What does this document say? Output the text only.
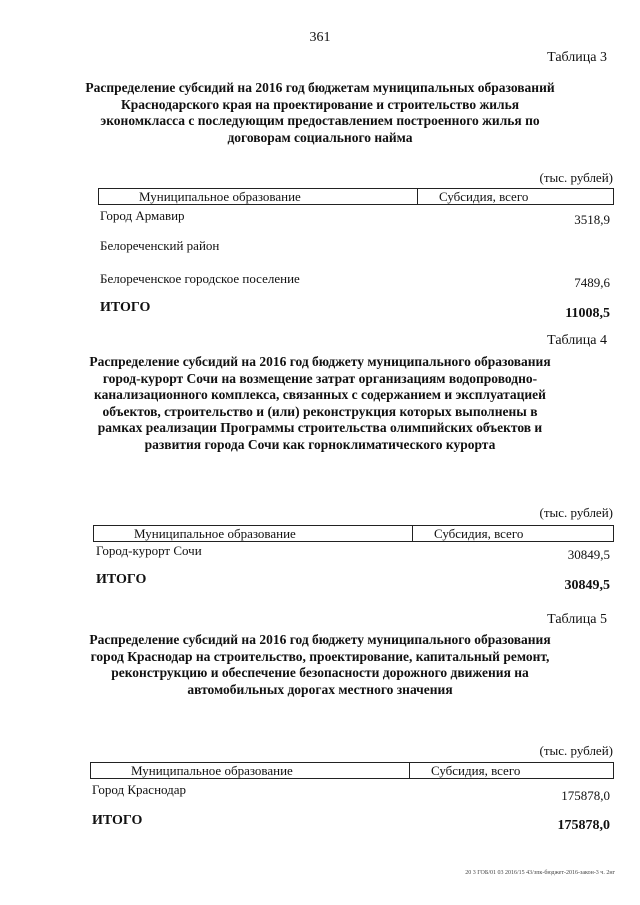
361
Таблица 3
Распределение субсидий на 2016 год бюджетам муниципальных образований Краснодарского края на проектирование и строительство жилья экономкласса с последующим предоставлением построенного жилья по договорам социального найма
(тыс. рублей)
Муниципальное образование	Субсидия, всего
Город Армавир	3518,9
Белореченский район
Белореченское городское поселение	7489,6
ИТОГО	11008,5
Таблица 4
Распределение субсидий на 2016 год бюджету муниципального образования город-курорт Сочи на возмещение затрат организациям водопроводно-канализационного комплекса, связанных с содержанием и эксплуатацией объектов, строительство и (или) реконструкция которых выполнены в рамках реализации Программы строительства олимпийских объектов и развития города Сочи как горноклиматического курорта
(тыс. рублей)
Муниципальное образование	Субсидия, всего
Город-курорт Сочи	30849,5
ИТОГО	30849,5
Таблица 5
Распределение субсидий на 2016 год бюджету муниципального образования город Краснодар на строительство, проектирование, капитальный ремонт, реконструкцию и обеспечение безопасности дорожного движения на автомобильных дорогах местного значения
(тыс. рублей)
Муниципальное образование	Субсидия, всего
Город Краснодар	175878,0
ИТОГО	175878,0
20 3 ГОБ/01 03 2016/15 43/зпк-бюджет-2016-закон-3 ч. 2нг
